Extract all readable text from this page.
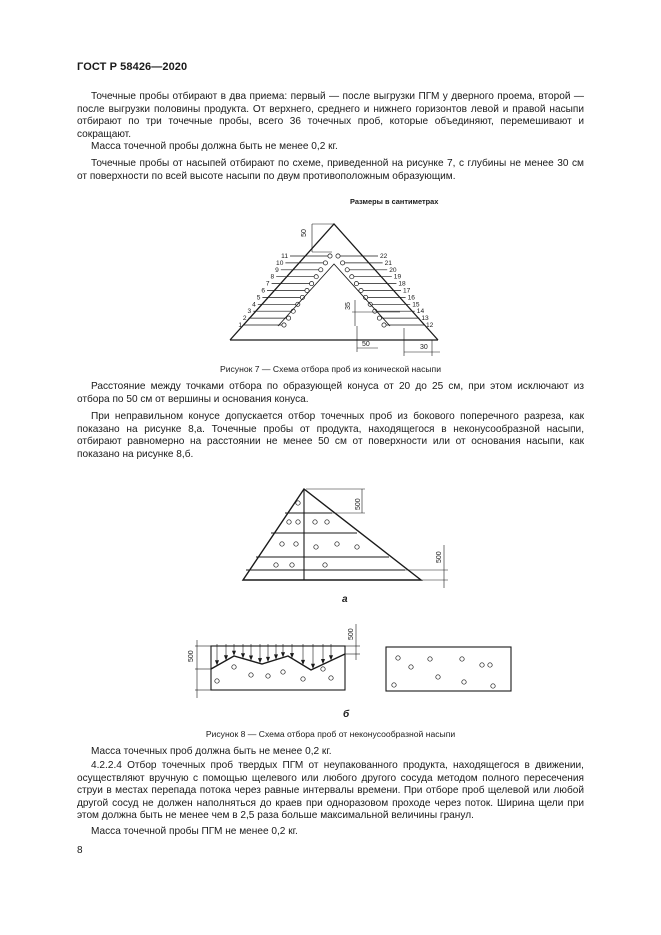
ГОСТ Р 58426—2020

Точечные пробы отбирают в два приема: первый — после выгрузки ПГМ у дверного проема, второй — после выгрузки половины продукта. От верхнего, среднего и нижнего горизонтов левой и правой насыпи отбирают по три точечные пробы, всего 36 точечных проб, которые объединяют, перемешивают и сокращают.

Масса точечной пробы должна быть не менее 0,2 кг.

Точечные пробы от насыпей отбирают по схеме, приведенной на рисунке 7, с глубины не менее 30 см от поверхности по всей высоте насыпи по двум противоположным образующим.

Размеры в сантиметрах
50
1
2
3
4
5
6
7
8
9
10
11
12
13
14
15
16
17
18
19
20
21
22
35
50	30
Рисунок 7 — Схема отбора проб из конической насыпи

Расстояние между точками отбора по образующей конуса от 20 до 25 см, при этом исключают из отбора по 50 см от вершины и основания конуса.

При неправильном конусе допускается отбор точечных проб из бокового поперечного разреза, как показано на рисунке 8,а. Точечные пробы от продукта, находящегося в неконусообразной насыпи, отбирают равномерно на расстоянии не менее 50 см от поверхности или от основания насыпи, как показано на рисунке 8,б.

500
500
а
500
500
б
Рисунок 8 — Схема отбора проб от неконусообразной насыпи

Масса точечных проб должна быть не менее 0,2 кг.

4.2.2.4 Отбор точечных проб твердых ПГМ от неупакованного продукта, находящегося в движении, осуществляют вручную с помощью щелевого или любого другого сосуда методом полного пересечения струи в местах перепада потока через равные интервалы времени. При отборе проб щелевой или любой другой сосуд не должен наполняться до краев при одноразовом проходе через поток. Ширина щели при этом должна быть не менее чем в 2,5 раза больше максимальной величины гранул.

Масса точечной пробы ПГМ не менее 0,2 кг.

8
